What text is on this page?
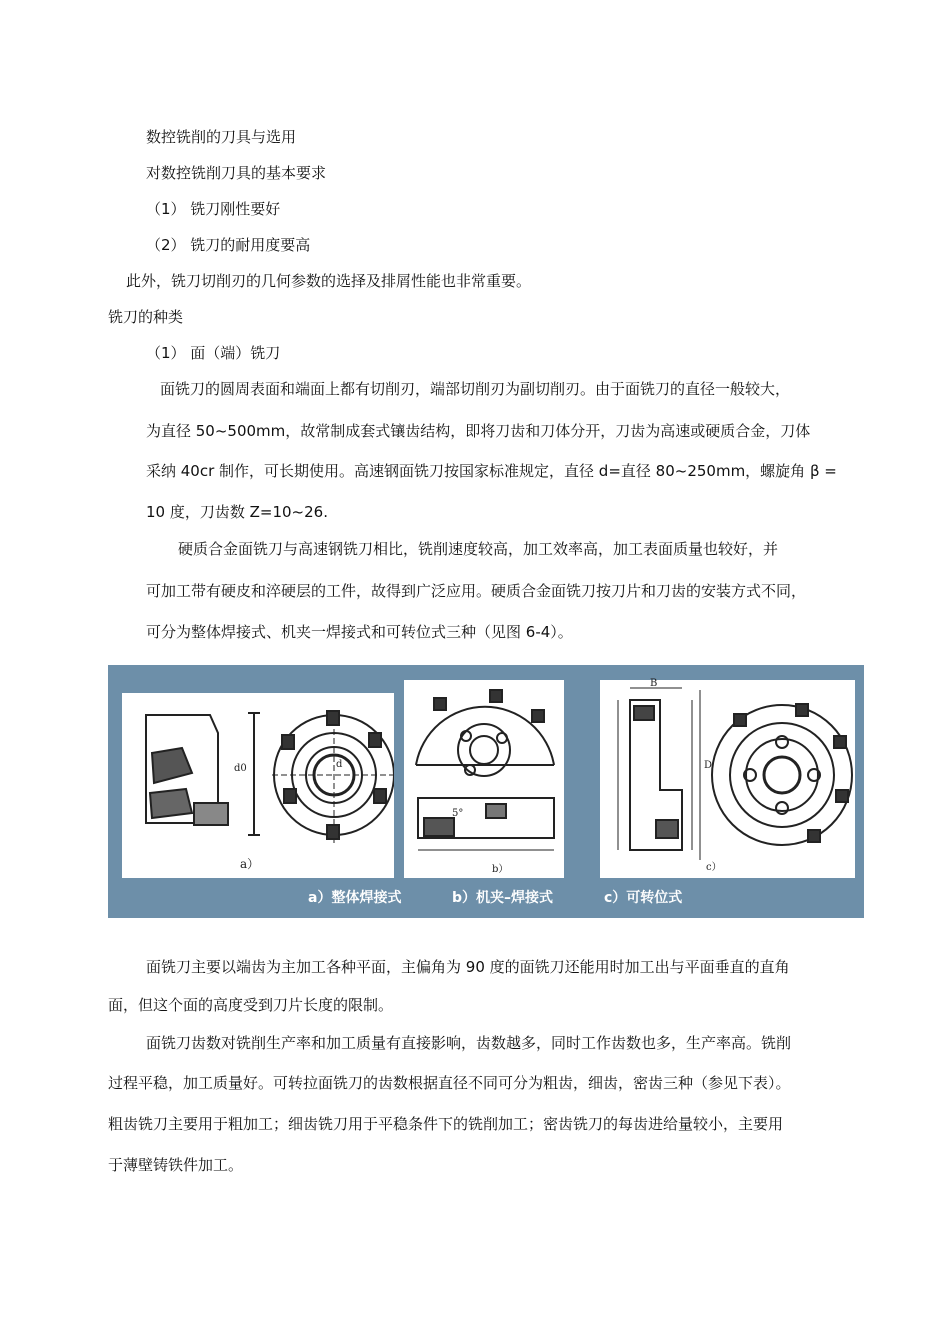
数控铣削的刀具与选用
对数控铣削刀具的基本要求
（1） 铣刀刚性要好
（2） 铣刀的耐用度要高
此外，铣刀切削刃的几何参数的选择及排屑性能也非常重要。
铣刀的种类
（1） 面（端）铣刀
面铣刀的圆周表面和端面上都有切削刃，端部切削刃为副切削刃。由于面铣刀的直径一般较大，
为直径 50~500mm，故常制成套式镶齿结构，即将刀齿和刀体分开，刀齿为高速或硬质合金，刀体
采纳 40cr 制作，可长期使用。高速钢面铣刀按国家标准规定，直径 d=直径 80~250mm，螺旋角 β =
10 度，刀齿数 Z=10~26.
硬质合金面铣刀与高速钢铣刀相比，铣削速度较高，加工效率高，加工表面质量也较好，并
可加工带有硬皮和淬硬层的工件，故得到广泛应用。硬质合金面铣刀按刀片和刀齿的安装方式不同，
可分为整体焊接式、机夹一焊接式和可转位式三种（见图 6-4）。
d0	d
a）
5°
b）
B
D
c）
a）整体焊接式	b）机夹–焊接式	c）可转位式
面铣刀主要以端齿为主加工各种平面，主偏角为 90 度的面铣刀还能用时加工出与平面垂直的直角
面，但这个面的高度受到刀片长度的限制。
面铣刀齿数对铣削生产率和加工质量有直接影响，齿数越多，同时工作齿数也多，生产率高。铣削
过程平稳，加工质量好。可转拉面铣刀的齿数根据直径不同可分为粗齿，细齿，密齿三种（参见下表）。
粗齿铣刀主要用于粗加工；细齿铣刀用于平稳条件下的铣削加工；密齿铣刀的每齿进给量较小，主要用
于薄壁铸铁件加工。
